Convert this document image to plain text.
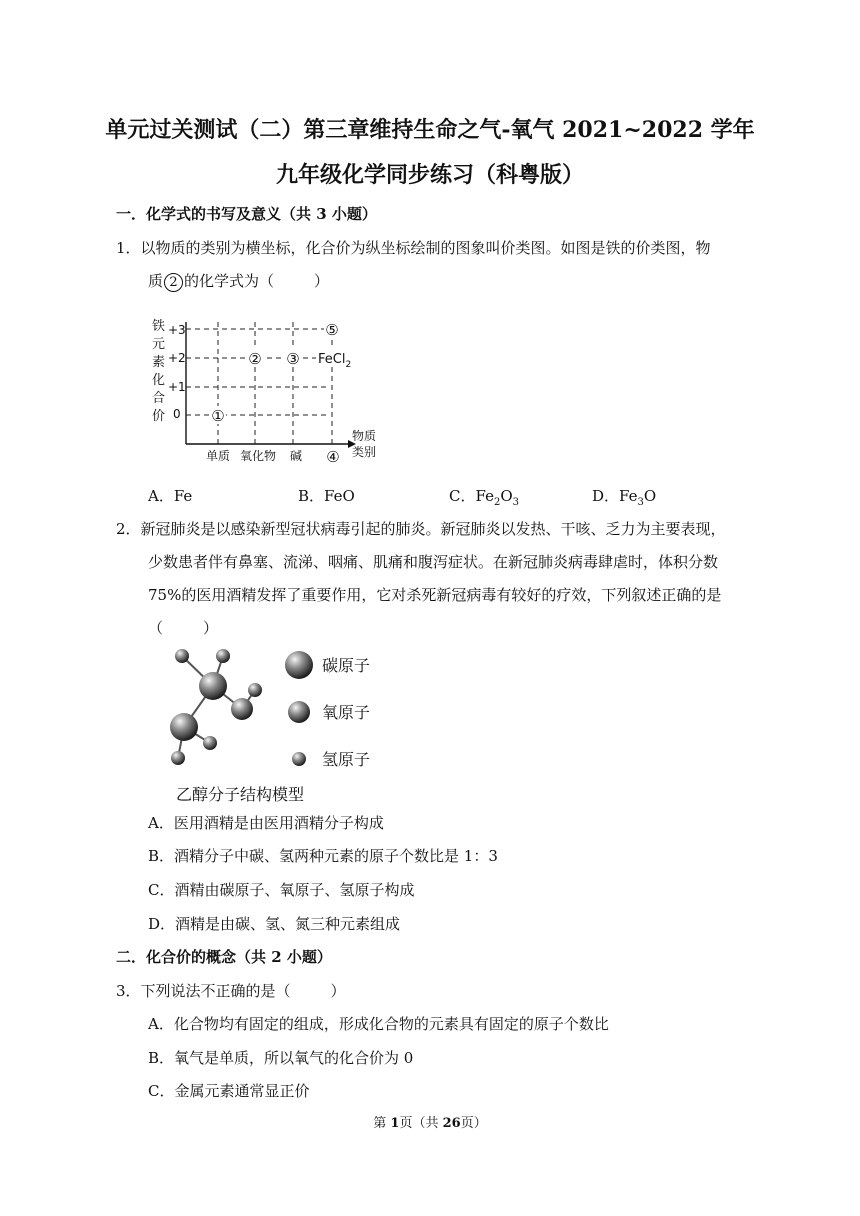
单元过关测试（二）第三章维持生命之气-氧气 2021~2022 学年
九年级化学同步练习（科粤版）
一．化学式的书写及意义（共 3 小题）
1．以物质的类别为横坐标，化合价为纵坐标绘制的图象叫价类图。如图是铁的价类图，物
质 2 的化学式为（	）
铁
元
素
化
合
价
+3
+2
+1
0 ①
② ③
⑤
FeCl$_2$
物质
类别
单质 氧化物 碱 ④
A．Fe	B．FeO	C．$Fe_2O_3$	D．$Fe_3O$
2．新冠肺炎是以感染新型冠状病毒引起的肺炎。新冠肺炎以发热、干咳、乏力为主要表现，
少数患者伴有鼻塞、流涕、咽痛、肌痛和腹泻症状。在新冠肺炎病毒肆虐时，体积分数
75%的医用酒精发挥了重要作用，它对杀死新冠病毒有较好的疗效，下列叙述正确的是
（	）
碳原子
氧原子
氢原子
乙醇分子结构模型
A．医用酒精是由医用酒精分子构成
B．酒精分子中碳、氢两种元素的原子个数比是 1：3
C．酒精由碳原子、氧原子、氢原子构成
D．酒精是由碳、氢、氮三种元素组成
二．化合价的概念（共 2 小题）
3．下列说法不正确的是（	）
A．化合物均有固定的组成，形成化合物的元素具有固定的原子个数比
B．氧气是单质，所以氧气的化合价为 0
C．金属元素通常显正价
第 1页（共 26页）
